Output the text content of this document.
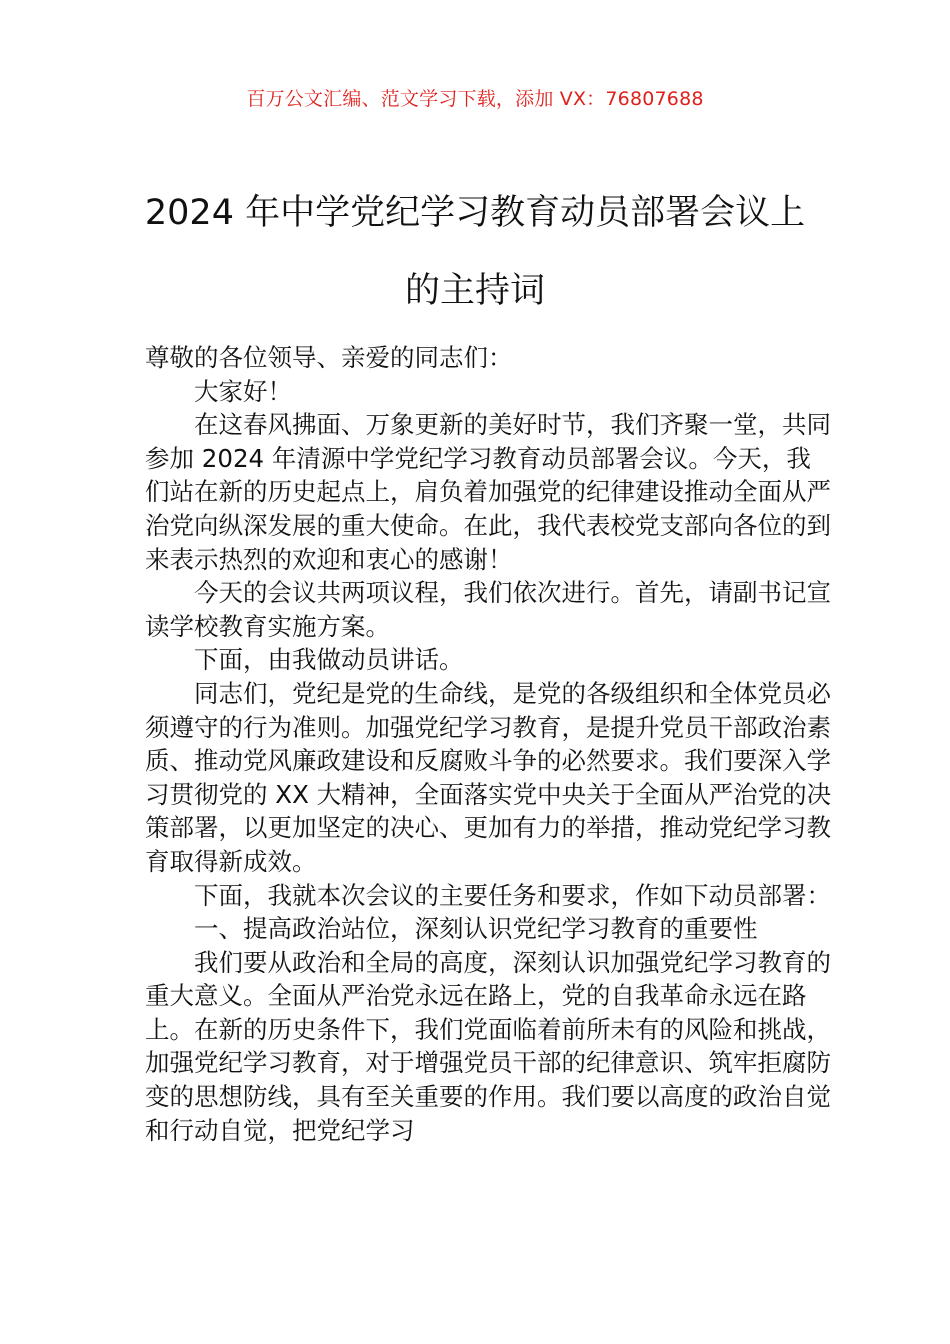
百万公文汇编、范文学习下载，添加 VX：76807688
2024 年中学党纪学习教育动员部署会议上
的主持词

尊敬的各位领导、亲爱的同志们：

大家好！

在这春风拂面、万象更新的美好时节，我们齐聚一堂，共同参加 2024 年清源中学党纪学习教育动员部署会议。今天，我们站在新的历史起点上，肩负着加强党的纪律建设推动全面从严治党向纵深发展的重大使命。在此，我代表校党支部向各位的到来表示热烈的欢迎和衷心的感谢！

今天的会议共两项议程，我们依次进行。首先，请副书记宣读学校教育实施方案。

下面，由我做动员讲话。

同志们，党纪是党的生命线，是党的各级组织和全体党员必须遵守的行为准则。加强党纪学习教育，是提升党员干部政治素质、推动党风廉政建设和反腐败斗争的必然要求。我们要深入学习贯彻党的 XX 大精神，全面落实党中央关于全面从严治党的决策部署，以更加坚定的决心、更加有力的举措，推动党纪学习教育取得新成效。

下面，我就本次会议的主要任务和要求，作如下动员部署：

一、提高政治站位，深刻认识党纪学习教育的重要性

我们要从政治和全局的高度，深刻认识加强党纪学习教育的重大意义。全面从严治党永远在路上，党的自我革命永远在路上。在新的历史条件下，我们党面临着前所未有的风险和挑战，加强党纪学习教育，对于增强党员干部的纪律意识、筑牢拒腐防变的思想防线，具有至关重要的作用。我们要以高度的政治自觉和行动自觉，把党纪学习
